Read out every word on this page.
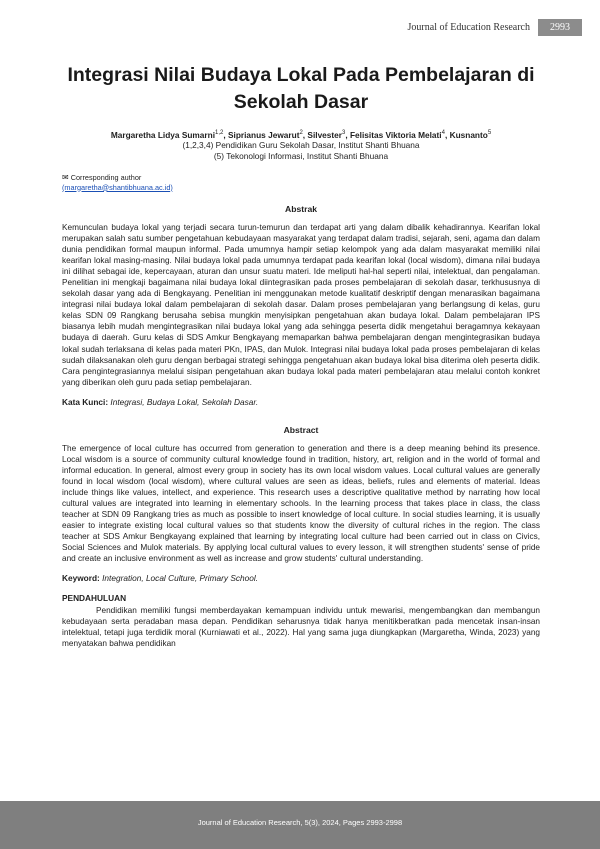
Journal of Education Research	2993
Integrasi Nilai Budaya Lokal Pada Pembelajaran di Sekolah Dasar
Margaretha Lidya Sumarni$^{1,2}$, Siprianus Jewarut$^2$, Silvester$^3$, Felisitas Viktoria Melati$^4$, Kusnanto$^5$
(1,2,3,4) Pendidikan Guru Sekolah Dasar, Institut Shanti Bhuana
(5) Tekonologi Informasi, Institut Shanti Bhuana
✉ Corresponding author
(margaretha@shantibhuana.ac.id)
Abstrak

Kemunculan budaya lokal yang terjadi secara turun-temurun dan terdapat arti yang dalam dibalik kehadirannya. Kearifan lokal merupakan salah satu sumber pengetahuan kebudayaan masyarakat yang terdapat dalam tradisi, sejarah, seni, agama dan dalam dunia pendidikan formal maupun informal. Pada umumnya hampir setiap kelompok yang ada dalam masyarakat memiliki nilai kearifan lokal masing-masing. Nilai budaya lokal pada umumnya terdapat pada kearifan lokal (local wisdom), dimana nilai budaya ini dilihat sebagai ide, kepercayaan, aturan dan unsur suatu materi. Ide meliputi hal-hal seperti nilai, intelektual, dan pengalaman. Penelitian ini mengkaji bagaimana nilai budaya lokal diintegrasikan pada proses pembelajaran di sekolah dasar, terkhususnya di sekolah dasar yang ada di Bengkayang. Penelitian ini menggunakan metode kualitatif deskriptif dengan menarasikan bagaimana integrasi nilai budaya lokal dalam pembelajaran di sekolah dasar. Dalam proses pembelajaran yang berlangsung di kelas, guru kelas SDN 09 Rangkang berusaha sebisa mungkin menyisipkan pengetahuan akan budaya lokal. Dalam pembelajaran IPS biasanya lebih mudah mengintegrasikan nilai budaya lokal yang ada sehingga peserta didik mengetahui beragamnya kekayaan budaya di daerah. Guru kelas di SDS Amkur Bengkayang memaparkan bahwa pembelajaran dengan mengintegrasikan budaya lokal sudah terlaksana di kelas pada materi PKn, IPAS, dan Mulok. Integrasi nilai budaya lokal pada proses pembelajaran di kelas sudah dilaksanakan oleh guru dengan berbagai strategi sehingga pengetahuan akan budaya lokal bisa diterima oleh peserta didik. Cara pengintegrasiannya melalui sisipan pengetahuan akan budaya lokal pada materi pembelajaran atau melalui contoh konkret yang diberikan oleh guru pada setiap pembelajaran.

Kata Kunci: Integrasi, Budaya Lokal, Sekolah Dasar.
Abstract

The emergence of local culture has occurred from generation to generation and there is a deep meaning behind its presence. Local wisdom is a source of community cultural knowledge found in tradition, history, art, religion and in the world of formal and informal education. In general, almost every group in society has its own local wisdom values. Local cultural values are generally found in local wisdom (local wisdom), where cultural values are seen as ideas, beliefs, rules and elements of material. Ideas include things like values, intellect, and experience. This research uses a descriptive qualitative method by narrating how local cultural values are integrated into learning in elementary schools. In the learning process that takes place in class, the class teacher at SDN 09 Rangkang tries as much as possible to insert knowledge of local culture. In social studies learning, it is usually easier to integrate existing local cultural values so that students know the diversity of cultural riches in the region. The class teacher at SDS Amkur Bengkayang explained that learning by integrating local culture had been carried out in class on Civics, Social Sciences and Mulok materials. By applying local cultural values to every lesson, it will strengthen students' sense of pride and create an inclusive environment as well as increase and grow students' cultural understanding.

Keyword: Integration, Local Culture, Primary School.
PENDAHULUAN

Pendidikan memiliki fungsi memberdayakan kemampuan individu untuk mewarisi, mengembangkan dan membangun kebudayaan serta peradaban masa depan. Pendidikan seharusnya tidak hanya menitikberatkan pada mencetak insan-insan intelektual, tetapi juga terdidik moral (Kurniawati et al., 2022). Hal yang sama juga diungkapkan (Margaretha, Winda, 2023) yang menyatakan bahwa pendidikan

Journal of Education Research, 5(3), 2024, Pages 2993-2998
